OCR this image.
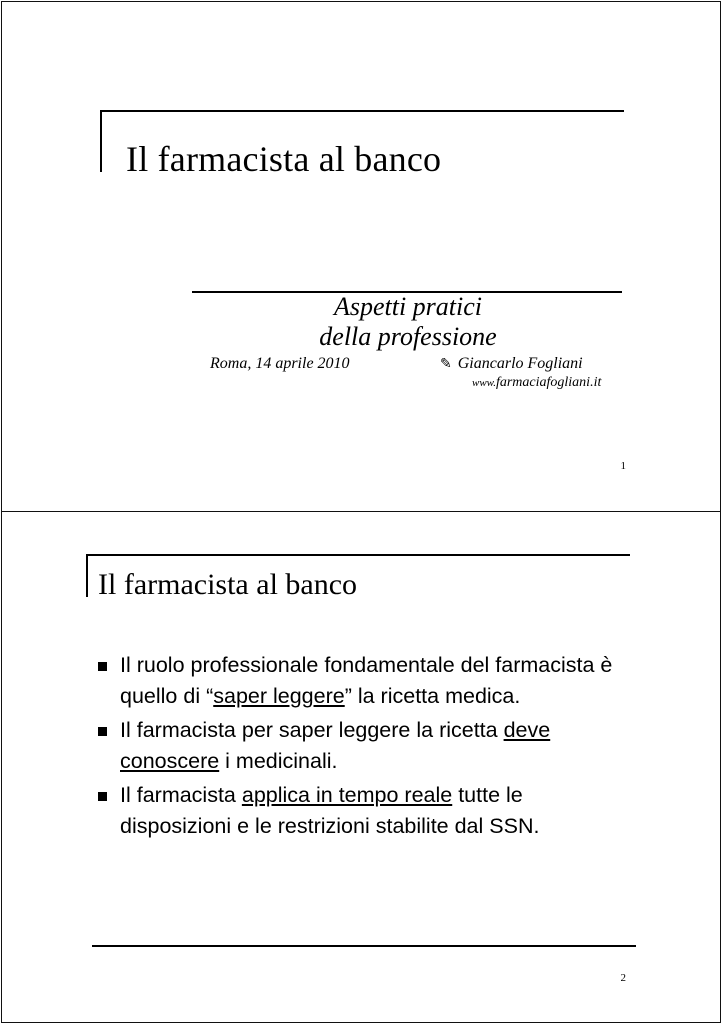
Il farmacista al banco
Aspetti pratici
della professione
Roma, 14 aprile 2010	✎ Giancarlo Fogliani
www.farmaciafogliani.it
1
Il farmacista al banco
Il ruolo professionale fondamentale del farmacista è quello di “saper leggere” la ricetta medica.
Il farmacista per saper leggere la ricetta deve conoscere i medicinali.
Il farmacista applica in tempo reale tutte le disposizioni e le restrizioni stabilite dal SSN.
2
